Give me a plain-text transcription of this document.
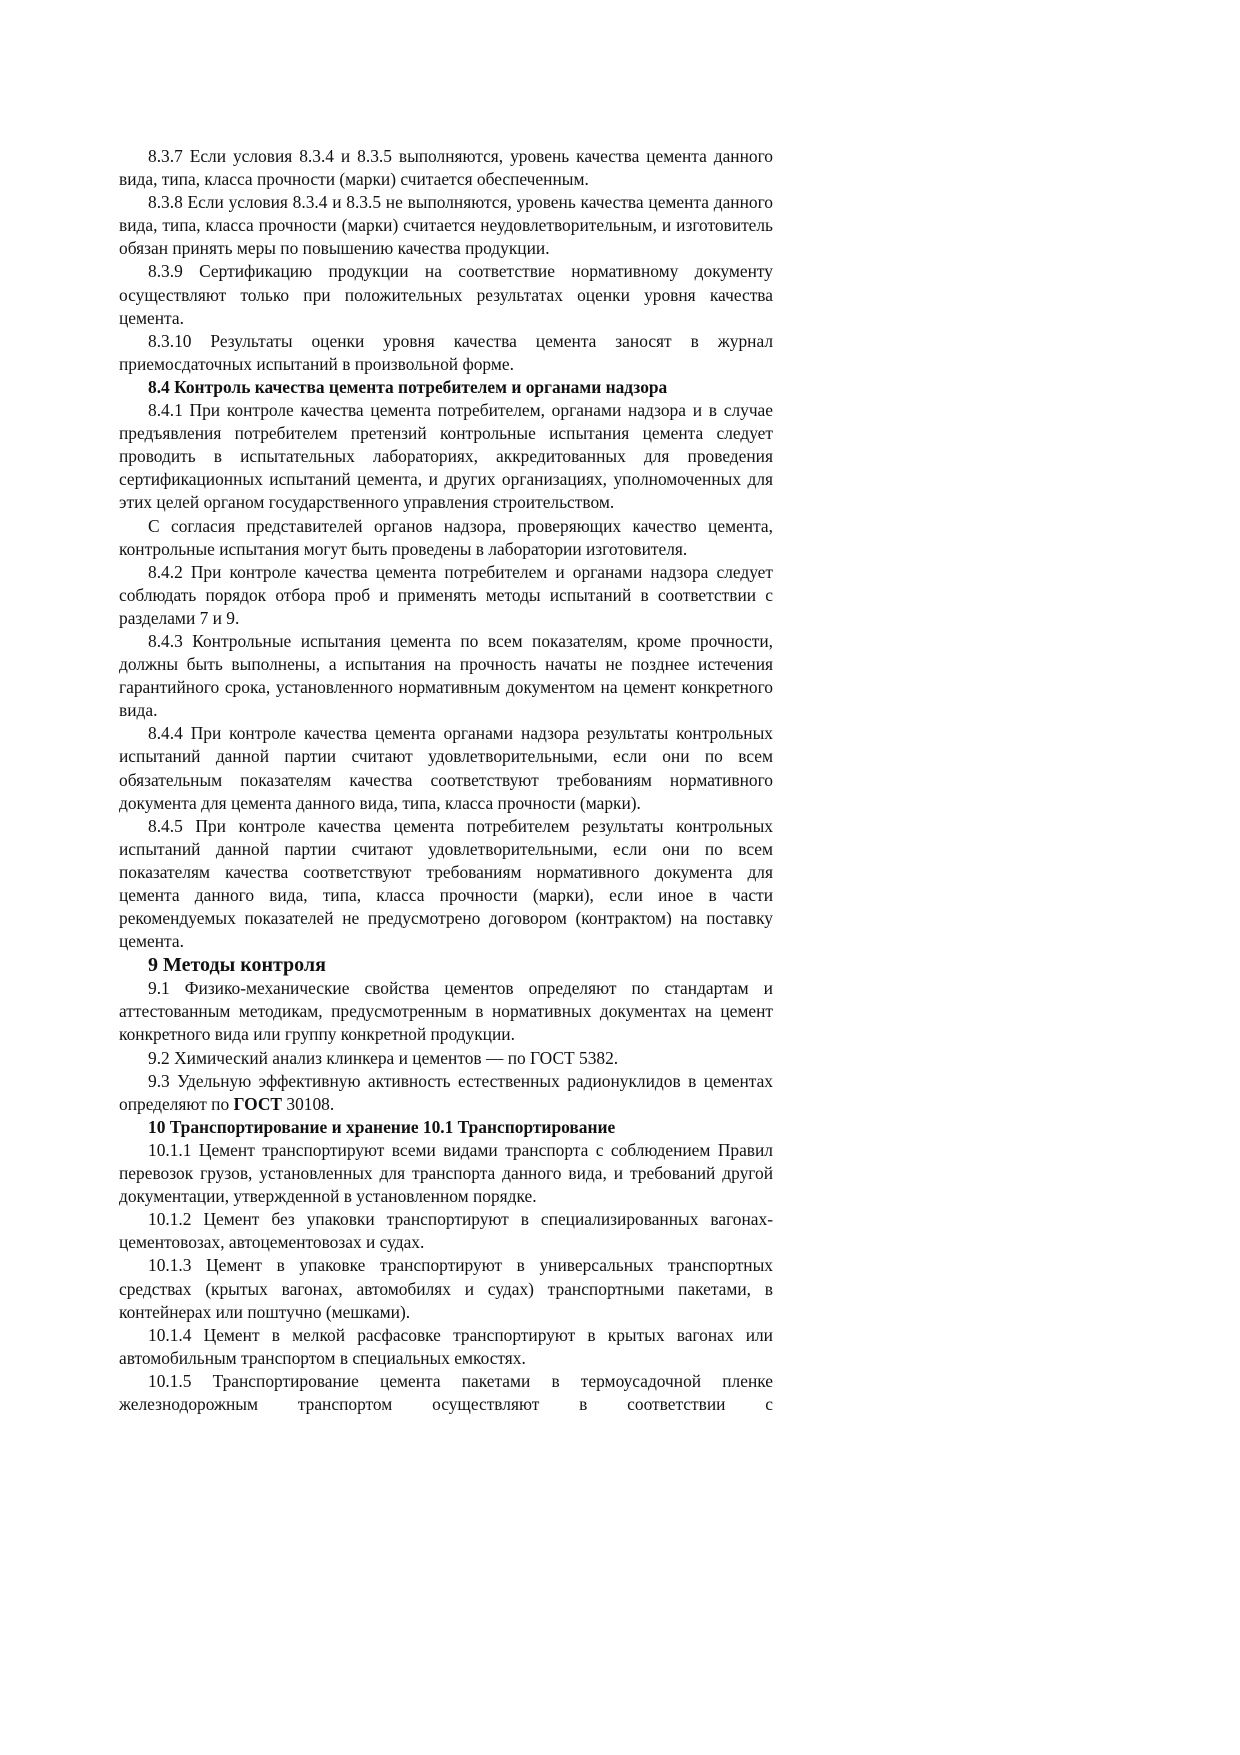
8.3.7 Если условия 8.3.4 и 8.3.5 выполняются, уровень качества цемента данного вида, типа, класса прочности (марки) считается обеспеченным.

8.3.8 Если условия 8.3.4 и 8.3.5 не выполняются, уровень качества цемента данного вида, типа, класса прочности (марки) считается неудовлетворительным, и изготовитель обязан принять меры по повышению качества продукции.

8.3.9 Сертификацию продукции на соответствие нормативному документу осуществляют только при положительных результатах оценки уровня качества цемента.

8.3.10 Результаты оценки уровня качества цемента заносят в журнал приемосдаточных испытаний в произвольной форме.

8.4 Контроль качества цемента потребителем и органами надзора

8.4.1 При контроле качества цемента потребителем, органами надзора и в случае предъявления потребителем претензий контрольные испытания цемента следует проводить в испытательных лабораториях, аккредитованных для проведения сертификационных испытаний цемента, и других организациях, уполномоченных для этих целей органом государственного управления строительством.

С согласия представителей органов надзора, проверяющих качество цемента, контрольные испытания могут быть проведены в лаборатории изготовителя.

8.4.2 При контроле качества цемента потребителем и органами надзора следует соблюдать порядок отбора проб и применять методы испытаний в соответствии с разделами 7 и 9.

8.4.3 Контрольные испытания цемента по всем показателям, кроме прочности, должны быть выполнены, а испытания на прочность начаты не позднее истечения гарантийного срока, установленного нормативным документом на цемент конкретного вида.

8.4.4 При контроле качества цемента органами надзора результаты контрольных испытаний данной партии считают удовлетворительными, если они по всем обязательным показателям качества соответствуют требованиям нормативного документа для цемента данного вида, типа, класса прочности (марки).

8.4.5 При контроле качества цемента потребителем результаты контрольных испытаний данной партии считают удовлетворительными, если они по всем показателям качества соответствуют требованиям нормативного документа для цемента данного вида, типа, класса прочности (марки), если иное в части рекомендуемых показателей не предусмотрено договором (контрактом) на поставку цемента.

9 Методы контроля

9.1 Физико-механические свойства цементов определяют по стандартам и аттестованным методикам, предусмотренным в нормативных документах на цемент конкретного вида или группу конкретной продукции.

9.2 Химический анализ клинкера и цементов — по ГОСТ 5382.

9.3 Удельную эффективную активность естественных радионуклидов в цементах определяют по ГОСТ 30108.

10 Транспортирование и хранение 10.1 Транспортирование

10.1.1 Цемент транспортируют всеми видами транспорта с соблюдением Правил перевозок грузов, установленных для транспорта данного вида, и требований другой документации, утвержденной в установленном порядке.

10.1.2 Цемент без упаковки транспортируют в специализированных вагонах-цементовозах, автоцементовозах и судах.

10.1.3 Цемент в упаковке транспортируют в универсальных транспортных средствах (крытых вагонах, автомобилях и судах) транспортными пакетами, в контейнерах или поштучно (мешками).

10.1.4 Цемент в мелкой расфасовке транспортируют в крытых вагонах или автомобильным транспортом в специальных емкостях.

10.1.5 Транспортирование цемента пакетами в термоусадочной пленке железнодорожным транспортом осуществляют в соответствии с
